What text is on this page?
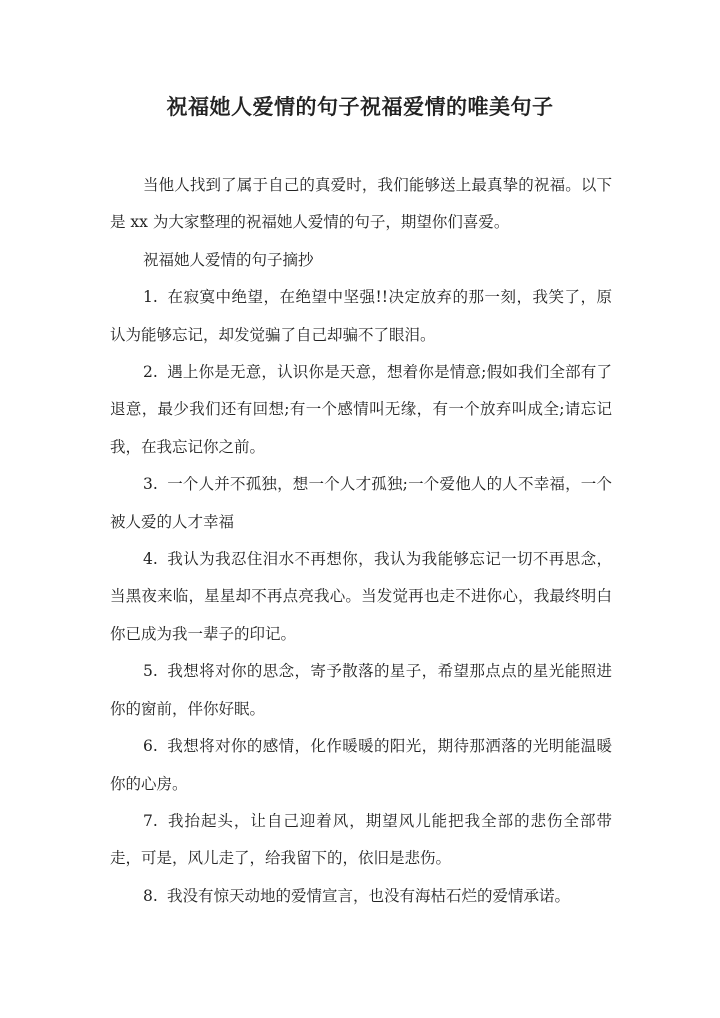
祝福她人爱情的句子祝福爱情的唯美句子

当他人找到了属于自己的真爱时，我们能够送上最真挚的祝福。以下是 xx 为大家整理的祝福她人爱情的句子，期望你们喜爱。

祝福她人爱情的句子摘抄

1. 在寂寞中绝望，在绝望中坚强!!决定放弃的那一刻，我笑了，原认为能够忘记，却发觉骗了自己却骗不了眼泪。

2. 遇上你是无意，认识你是天意，想着你是情意;假如我们全部有了退意，最少我们还有回想;有一个感情叫无缘，有一个放弃叫成全;请忘记我，在我忘记你之前。

3. 一个人并不孤独，想一个人才孤独;一个爱他人的人不幸福，一个被人爱的人才幸福

4. 我认为我忍住泪水不再想你，我认为我能够忘记一切不再思念，当黑夜来临，星星却不再点亮我心。当发觉再也走不进你心，我最终明白你已成为我一辈子的印记。

5. 我想将对你的思念，寄予散落的星子，希望那点点的星光能照进你的窗前，伴你好眠。

6. 我想将对你的感情，化作暖暖的阳光，期待那洒落的光明能温暖你的心房。

7. 我抬起头，让自己迎着风，期望风儿能把我全部的悲伤全部带走，可是，风儿走了，给我留下的，依旧是悲伤。

8. 我没有惊天动地的爱情宣言，也没有海枯石烂的爱情承诺。
